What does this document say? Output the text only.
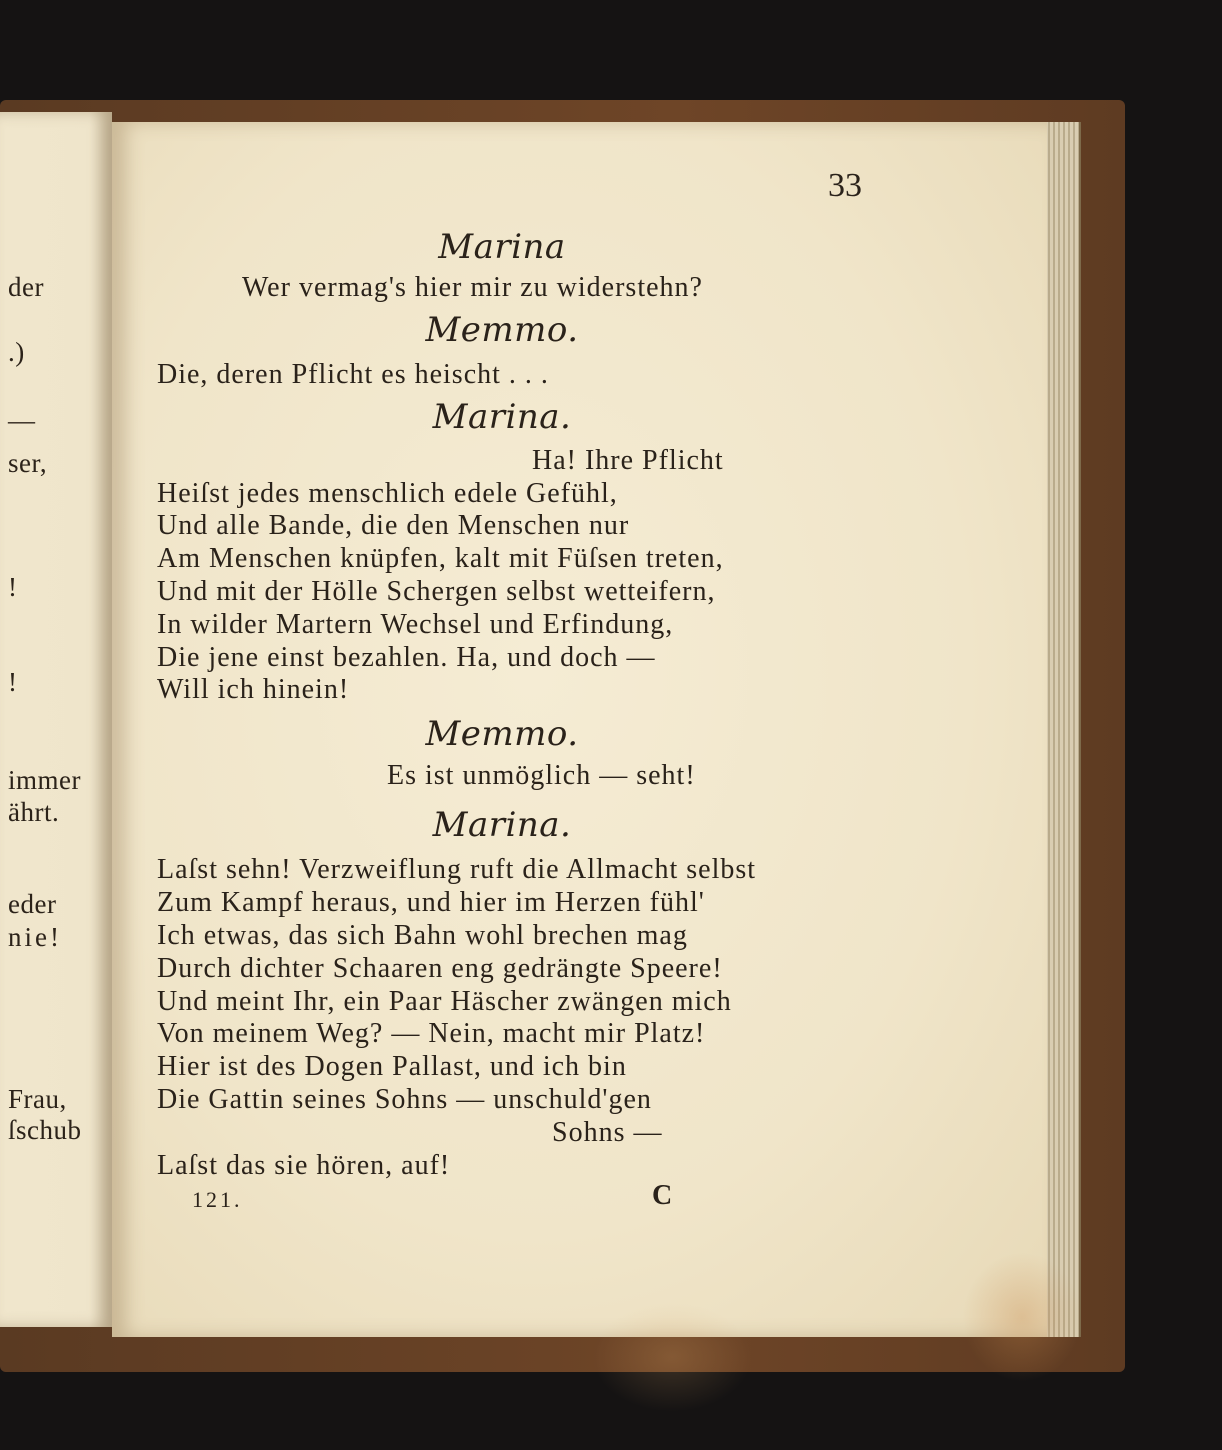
der

.)

—

ser,

!

!

immer

ährt.

eder

nie!

Frau,

ſschub

33

Marina

Wer vermag's hier mir zu widerstehn?

Memmo.

Die, deren Pflicht es heischt . . .

Marina.

Ha! Ihre Pflicht

Heiſst jedes menschlich edele Gefühl,

Und alle Bande, die den Menschen nur

Am Menschen knüpfen, kalt mit Füſsen treten,

Und mit der Hölle Schergen selbst wetteifern,

In wilder Martern Wechsel und Erfindung,

Die jene einst bezahlen. Ha, und doch —

Will ich hinein!

Memmo.

Es ist unmöglich — seht!

Marina.

Laſst sehn! Verzweiflung ruft die Allmacht selbst

Zum Kampf heraus, und hier im Herzen fühl'

Ich etwas, das sich Bahn wohl brechen mag

Durch dichter Schaaren eng gedrängte Speere!

Und meint Ihr, ein Paar Häscher zwängen mich

Von meinem Weg? — Nein, macht mir Platz!

Hier ist des Dogen Pallast, und ich bin

Die Gattin seines Sohns — unschuld'gen

Sohns —

Laſst das sie hören, auf!

121.	C
